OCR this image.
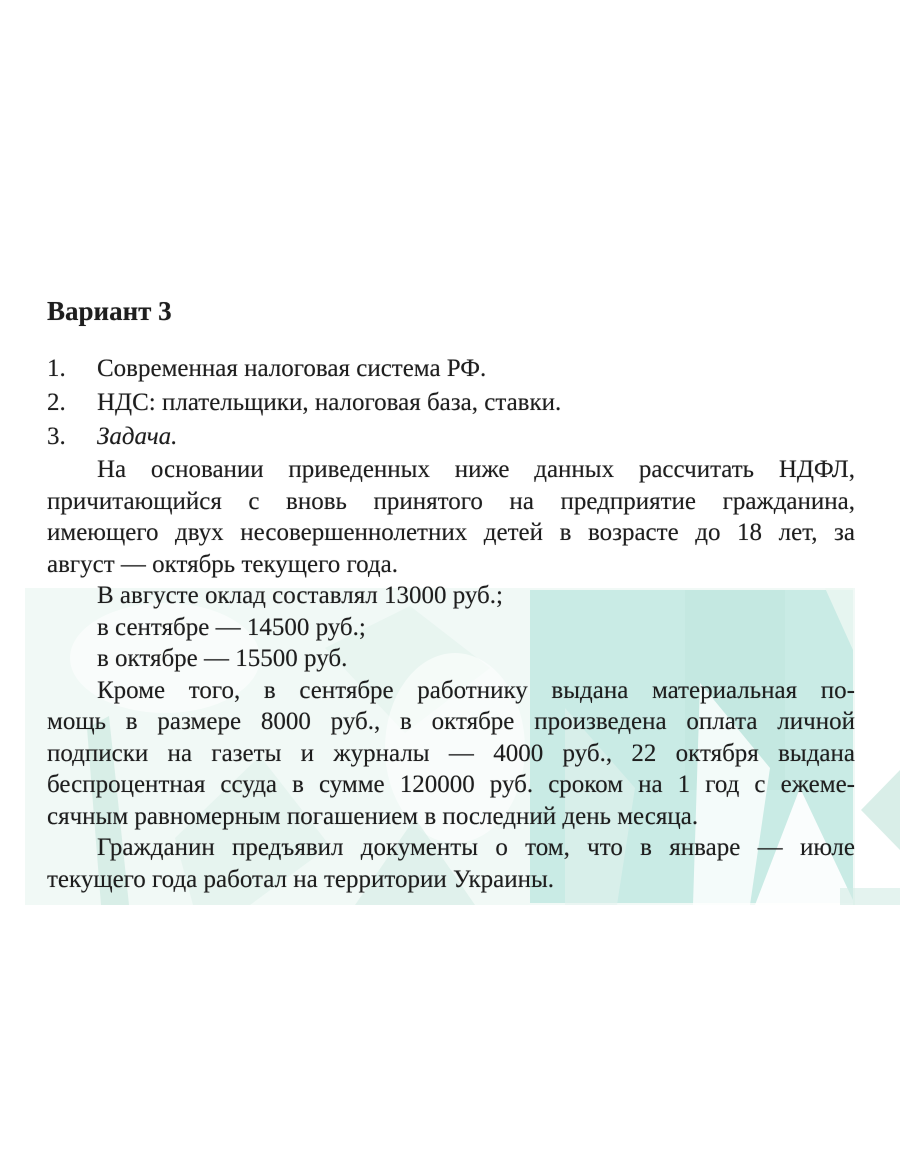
Вариант 3
1.	Современная налоговая система РФ.
2.	НДС: плательщики, налоговая база, ставки.
3.	Задача.
На основании приведенных ниже данных рассчитать НДФЛ,
причитающийся с вновь принятого на предприятие гражданина,
имеющего двух несовершеннолетних детей в возрасте до 18 лет, за
август — октябрь текущего года.
В августе оклад составлял 13000 руб.;
в сентябре — 14500 руб.;
в октябре — 15500 руб.
Кроме того, в сентябре работнику выдана материальная по-
мощь в размере 8000 руб., в октябре произведена оплата личной
подписки на газеты и журналы — 4000 руб., 22 октября выдана
беспроцентная ссуда в сумме 120000 руб. сроком на 1 год с ежеме-
сячным равномерным погашением в последний день месяца.
Гражданин предъявил документы о том, что в январе — июле
текущего года работал на территории Украины.
